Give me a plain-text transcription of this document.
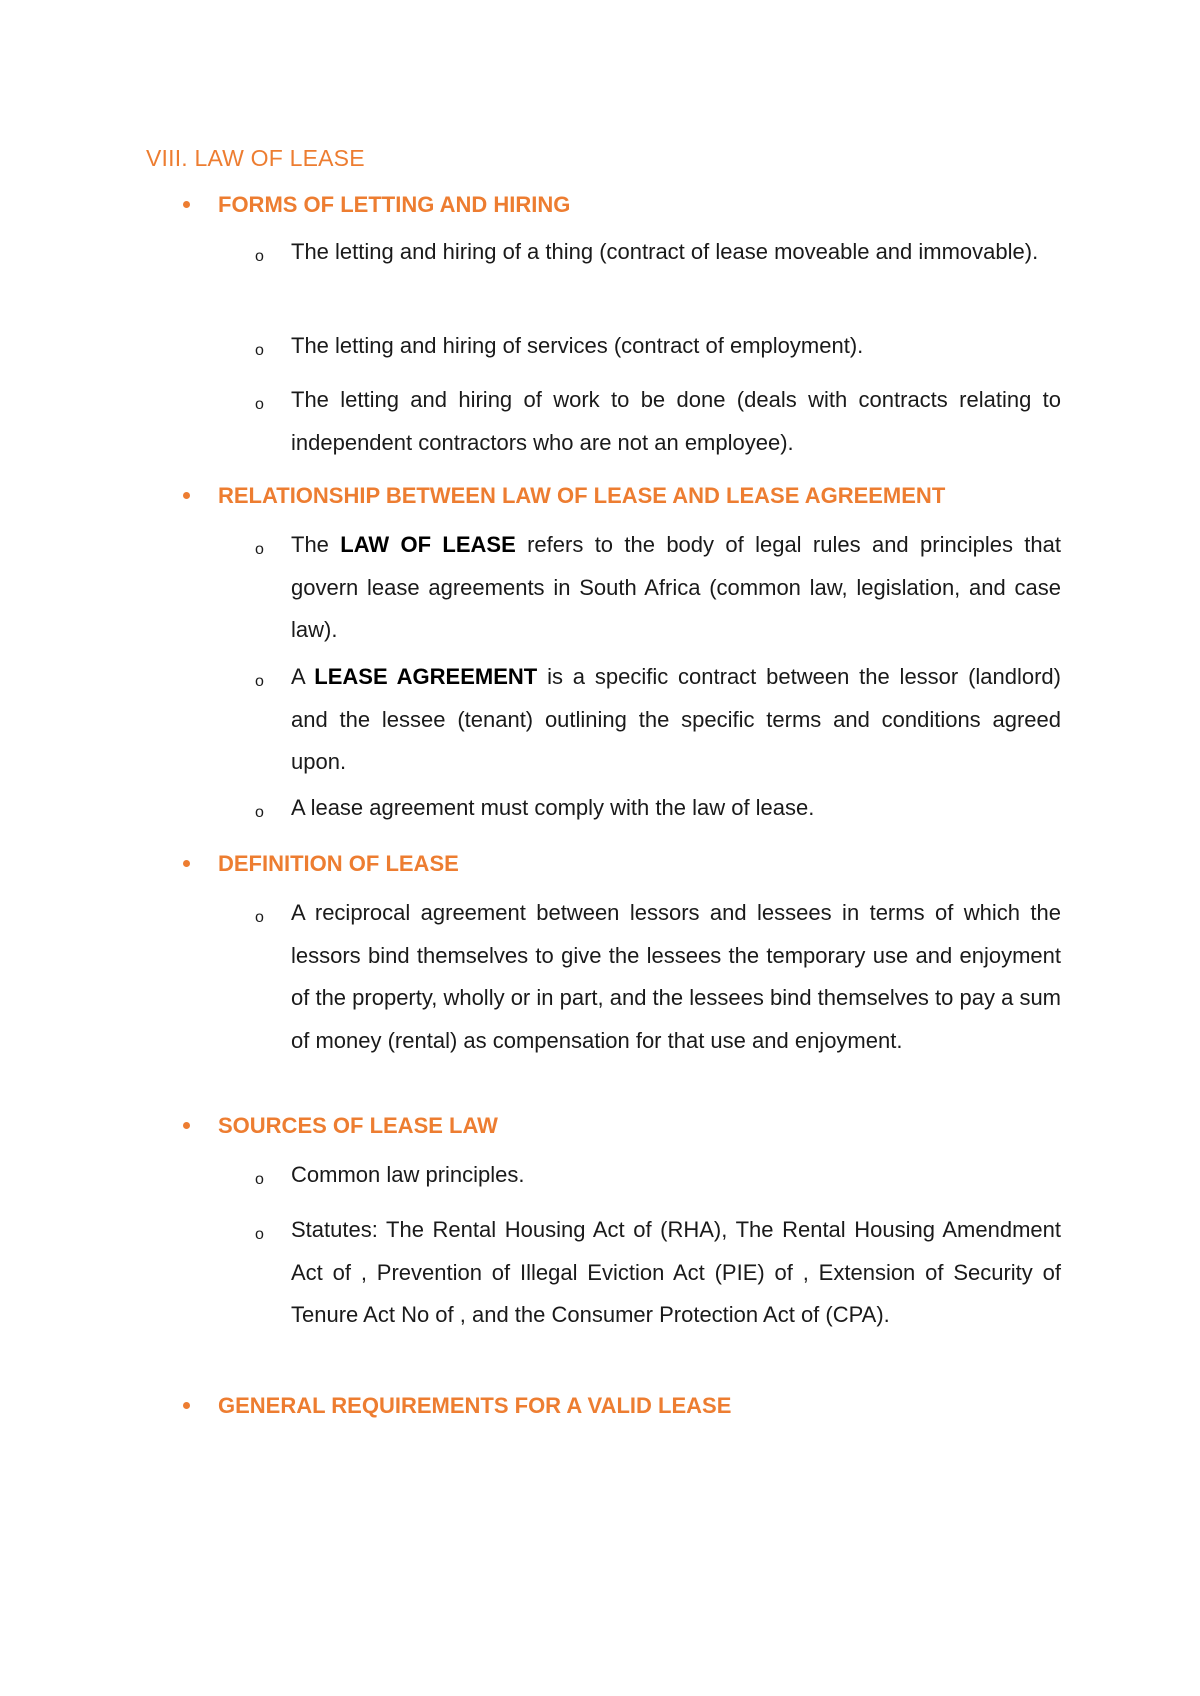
VIII. LAW OF LEASE
FORMS OF LETTING AND HIRING
o The letting and hiring of a thing (contract of lease moveable and immovable).

o The letting and hiring of services (contract of employment).

o The letting and hiring of work to be done (deals with contracts relating to independent contractors who are not an employee).

RELATIONSHIP BETWEEN LAW OF LEASE AND LEASE AGREEMENT
o The LAW OF LEASE refers to the body of legal rules and principles that govern lease agreements in South Africa (common law, legislation, and case law).

o A LEASE AGREEMENT is a specific contract between the lessor (landlord) and the lessee (tenant) outlining the specific terms and conditions agreed upon.

o A lease agreement must comply with the law of lease.

DEFINITION OF LEASE
o A reciprocal agreement between lessors and lessees in terms of which the lessors bind themselves to give the lessees the temporary use and enjoyment of the property, wholly or in part, and the lessees bind themselves to pay a sum of money (rental) as compensation for that use and enjoyment.

SOURCES OF LEASE LAW
o Common law principles.

o Statutes: The Rental Housing Act of (RHA), The Rental Housing Amendment Act of , Prevention of Illegal Eviction Act (PIE) of , Extension of Security of Tenure Act No of , and the Consumer Protection Act of (CPA).

GENERAL REQUIREMENTS FOR A VALID LEASE
